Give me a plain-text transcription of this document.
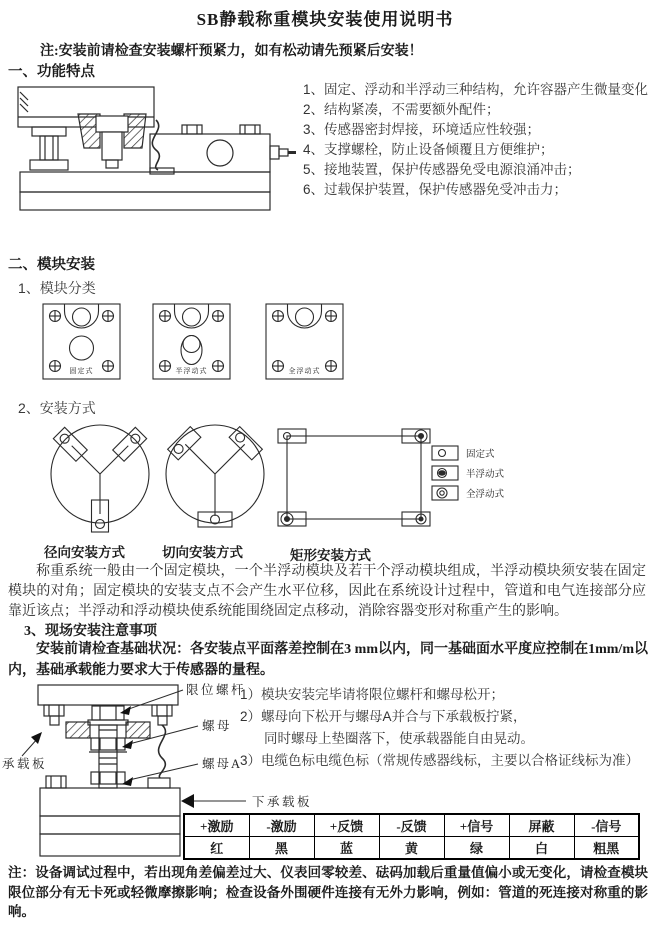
SB静载称重模块安装使用说明书
注:安装前请检查安装螺杆预紧力，如有松动请先预紧后安装！
一、功能特点
1、固定、浮动和半浮动三种结构，允许容器产生微量变化
2、结构紧凑，不需要额外配件；
3、传感器密封焊接，环境适应性较强；
4、支撑螺栓，防止设备倾覆且方便维护；
5、接地装置，保护传感器免受电源浪涌冲击；
6、过载保护装置，保护传感器免受冲击力；
二、模块安装
1、模块分类
固定式	半浮动式	全浮动式
2、安装方式
固定式
半浮动式
全浮动式
径向安装方式	切向安装方式	矩形安装方式
称重系统一般由一个固定模块，一个半浮动模块及若干个浮动模块组成，半浮动模块须安装在固定模块的对角；固定模块的安装支点不会产生水平位移，因此在系统设计过程中，管道和电气连接部分应靠近该点；半浮动和浮动模块使系统能围绕固定点移动，消除容器变形对称重产生的影响。
3、现场安装注意事项
安装前请检查基础状况：各安装点平面落差控制在3 mm以内，同一基础面水平度应控制在1mm/m以内，基础承载能力要求大于传感器的量程。
限位螺杆
螺母
螺母A
承载板
下承载板
1）模块安装完毕请将限位螺杆和螺母松开；
2）螺母向下松开与螺母A并合与下承载板拧紧，
同时螺母上垫圈落下，使承载器能自由晃动。
3）电缆色标电缆色标（常规传感器线标，主要以合格证线标为准）
+激励	-激励	+反馈	-反馈	+信号	屏蔽	-信号
红	黑	蓝	黄	绿	白	粗黑
注：设备调试过程中，若出现角差偏差过大、仪表回零较差、砝码加载后重量值偏小或无变化，请检查模块限位部分有无卡死或轻微摩擦影响；检查设备外围硬件连接有无外力影响，例如：管道的死连接对称重的影响。
